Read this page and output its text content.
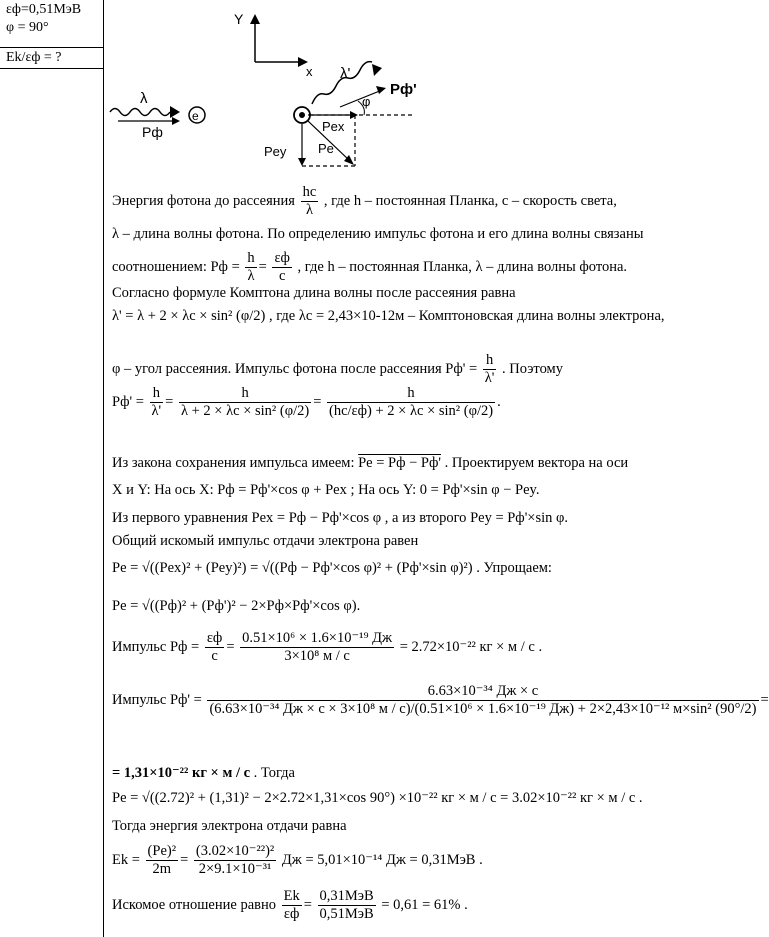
εф=0,51МэВ
φ = 90°
Ek/εф = ?
Y
x
λ
Pф
e
λ'
Pф'
φ
Pex
Pey Pe
Энергия фотона до рассеяния $\frac{hc}{\lambda}$ , где h – постоянная Планка, c – скорость света,
λ – длина волны фотона. По определению импульс фотона и его длина волны связаны
соотношением: Pф = $\frac{h}{\lambda} = \frac{\varepsilon ф}{c}$ , где h – постоянная Планка, λ – длина волны фотона.
Согласно формуле Комптона длина волны после рассеяния равна
λ' = λ + 2 × λc × sin² (φ/2) , где λc = 2,43×10-12м – Комптоновская длина волны электрона,
φ – угол рассеяния. Импульс фотона после рассеяния $Pф' = \frac{h}{\lambda'}$ . Поэтому
$Pф' = \frac{h}{\lambda'} = \frac{h}{\text{λ + 2 × λc × sin² (φ/2)}} = \frac{h}{\text{(hc/εф) + 2 × λc × sin² (φ/2)}}$ .
Из закона сохранения импульса имеем: Pe = Pф − Pф' . Проектируем вектора на оси
X и Y: На ось X: Pф = Pф'×cos φ + Pex ; На ось Y: 0 = Pф'×sin φ − Pey.
Из первого уравнения Pex = Pф − Pф'×cos φ , а из второго Pey = Pф'×sin φ.
Общий искомый импульс отдачи электрона равен
Pe = √((Pex)² + (Pey)²) = √((Pф − Pф'×cos φ)² + (Pф'×sin φ)²) . Упрощаем:
Pe = √((Pф)² + (Pф')² − 2×Pф×Pф'×cos φ).
Импульс Pф = $\frac{\varepsilon ф}{c} = \frac{\text{0.51×10⁶ × 1.6×10⁻¹⁹ Дж}}{\text{3×10⁸ м / с}} = 2.72\times 10^{-22}$ кг × м / с .
Импульс Pф' =
6.63×10⁻³⁴ Дж × с
(6.63×10⁻³⁴ Дж × с × 3×10⁸ м / с)/(0.51×10⁶ × 1.6×10⁻¹⁹ Дж) + 2×2,43×10⁻¹² м×sin² (90°/2)
=
= 1,31×10⁻²² кг × м / с . Тогда
Pe = √((2.72)² + (1,31)² − 2×2.72×1,31×cos 90°) ×10⁻²² кг × м / с = 3.02×10⁻²² кг × м / с .
Тогда энергия электрона отдачи равна
$Ek = \frac{\text{(Pe)²}}{2m} = \frac{\text{(3.02×10⁻²²)²}}{\text{2×9.1×10⁻³¹}}$ Дж = 5,01×10⁻¹⁴ Дж = 0,31МэВ .
Искомое отношение равно $\frac{Ek}{\varepsilon ф} = \frac{\text{0,31МэВ}}{\text{0,51МэВ}} = 0,61 = 61\%$ .
